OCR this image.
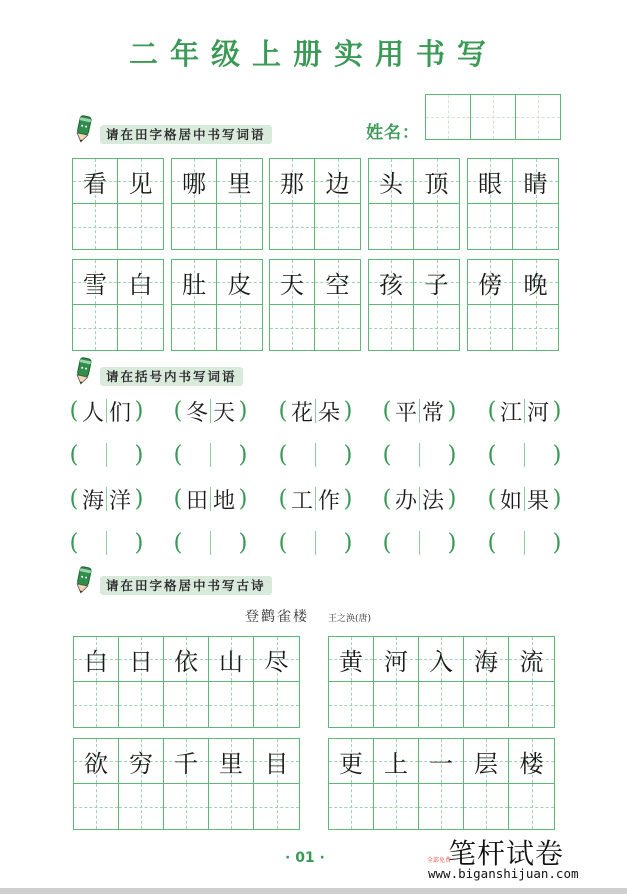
二年级上册实用书写
姓名：
请在田字格居中书写词语
请在括号内书写词语
请在田字格居中书写古诗
登鹳雀楼 王之涣(唐)
· 01 ·	全部免费
笔杆试卷
www.biganshijuan.com
看 见 哪 里 那 边 头 顶 眼 睛
雪 白 肚 皮 天 空 孩 子 傍 晚
( 人 们 ) ( 冬 天 ) ( 花 朵 ) ( 平 常 ) ( 江 河 )
( ) ( ) ( ) ( ) ( )
( 海 洋 ) ( 田 地 ) ( 工 作 ) ( 办 法 ) ( 如 果 )
( ) ( ) ( ) ( ) ( )
白 日 依 山 尽 黄 河 入 海 流
欲 穷 千 里 目 更 上 一 层 楼
